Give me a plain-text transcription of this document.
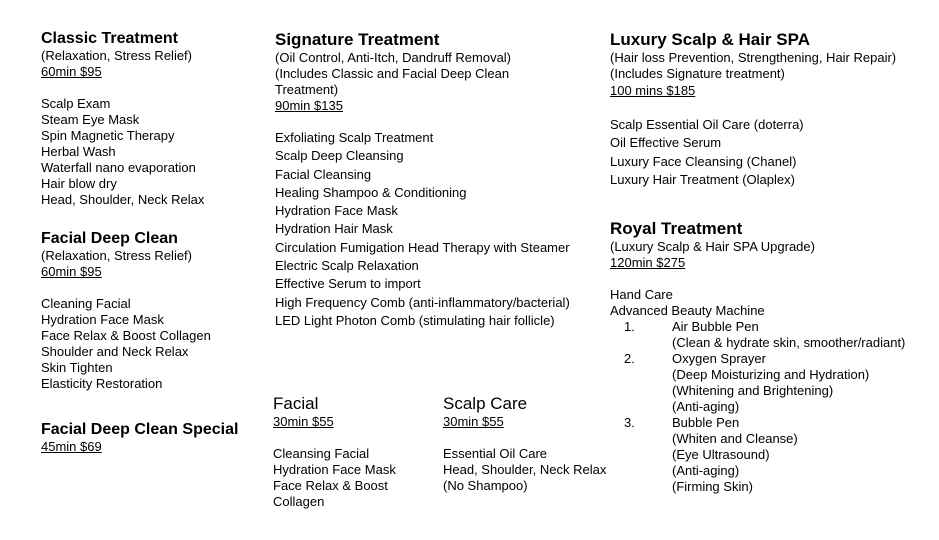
Classic Treatment
(Relaxation, Stress Relief)
60min $95
Scalp Exam
Steam Eye Mask
Spin Magnetic Therapy
Herbal Wash
Waterfall nano evaporation
Hair blow dry
Head, Shoulder, Neck Relax
Facial Deep Clean
(Relaxation, Stress Relief)
60min $95
Cleaning Facial
Hydration Face Mask
Face Relax & Boost Collagen
Shoulder and Neck Relax
Skin Tighten
Elasticity Restoration
Facial Deep Clean Special
45min $69
Signature Treatment
(Oil Control, Anti-Itch, Dandruff Removal)
(Includes Classic and Facial Deep Clean
Treatment)
90min $135
Exfoliating Scalp Treatment
Scalp Deep Cleansing
Facial Cleansing
Healing Shampoo & Conditioning
Hydration Face Mask
Hydration Hair Mask
Circulation Fumigation Head Therapy with Steamer
Electric Scalp Relaxation
Effective Serum to import
High Frequency Comb (anti-inflammatory/bacterial)
LED Light Photon Comb (stimulating hair follicle)
Facial
30min $55
Cleansing Facial
Hydration Face Mask
Face Relax & Boost
Collagen
Scalp Care
30min $55
Essential Oil Care
Head, Shoulder, Neck Relax
(No Shampoo)
Luxury Scalp & Hair SPA
(Hair loss Prevention, Strengthening, Hair Repair)
(Includes Signature treatment)
100 mins $185
Scalp Essential Oil Care (doterra)
Oil Effective Serum
Luxury Face Cleansing (Chanel)
Luxury Hair Treatment (Olaplex)
Royal Treatment
(Luxury Scalp & Hair SPA Upgrade)
120min $275
Hand Care
Advanced Beauty Machine
1.	Air Bubble Pen
(Clean & hydrate skin, smoother/radiant)
2.	Oxygen Sprayer
(Deep Moisturizing and Hydration)
(Whitening and Brightening)
(Anti-aging)
3.	Bubble Pen
(Whiten and Cleanse)
(Eye Ultrasound)
(Anti-aging)
(Firming Skin)
